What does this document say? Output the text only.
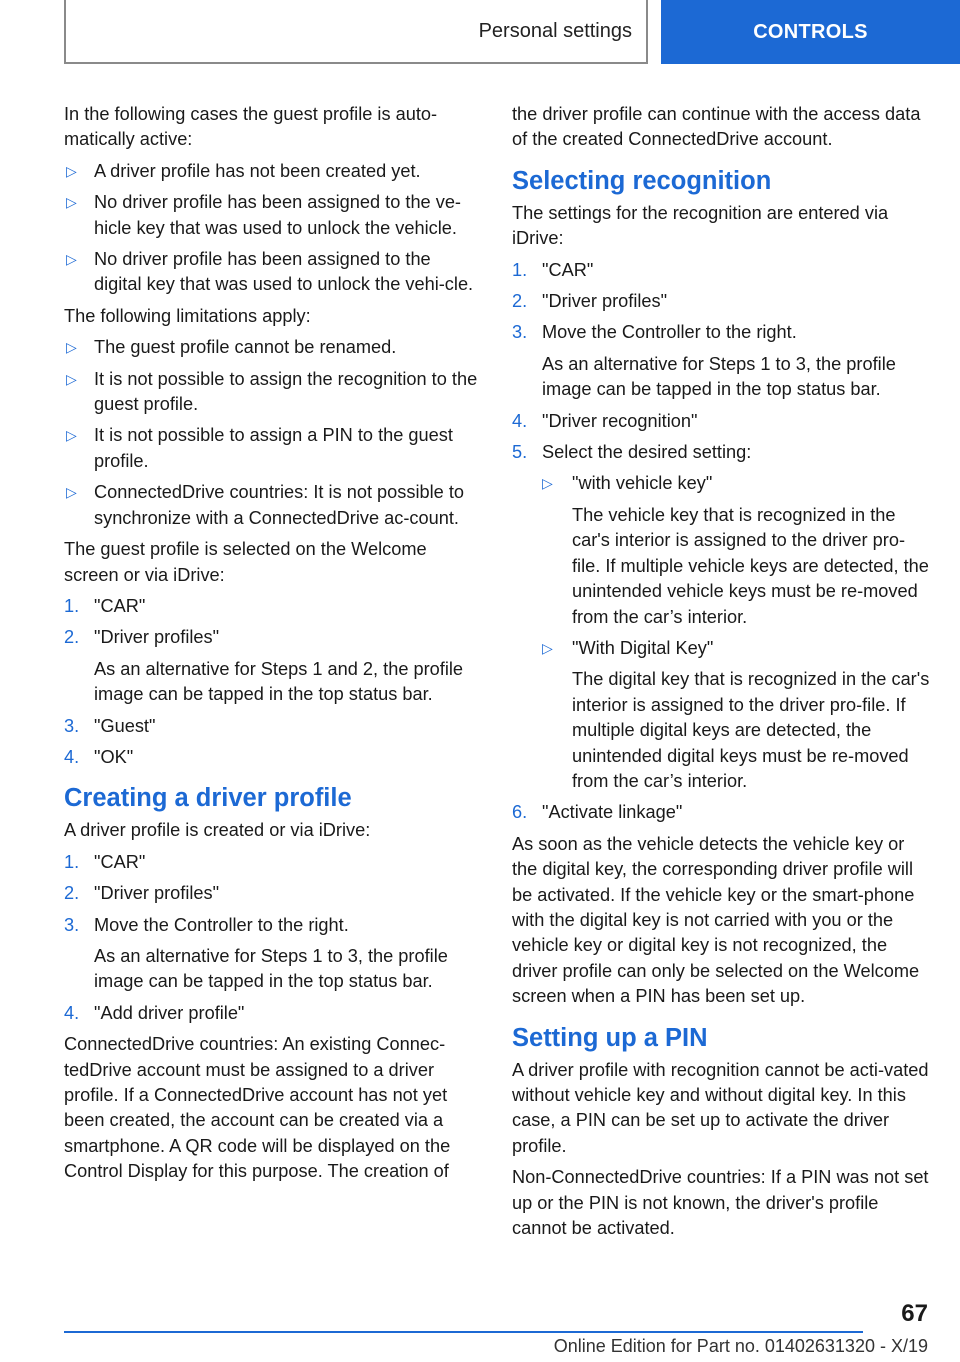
Personal settings	CONTROLS

In the following cases the guest profile is auto-matically active:

▷ A driver profile has not been created yet.
▷ No driver profile has been assigned to the ve-hicle key that was used to unlock the vehicle.
▷ No driver profile has been assigned to the digital key that was used to unlock the vehi-cle.

The following limitations apply:

▷ The guest profile cannot be renamed.
▷ It is not possible to assign the recognition to the guest profile.
▷ It is not possible to assign a PIN to the guest profile.
▷ ConnectedDrive countries: It is not possible to synchronize with a ConnectedDrive ac-count.

The guest profile is selected on the Welcome screen or via iDrive:

1. "CAR"
2. "Driver profiles"
As an alternative for Steps 1 and 2, the profile image can be tapped in the top status bar.
3. "Guest"
4. "OK"
Creating a driver profile

A driver profile is created or via iDrive:

1. "CAR"
2. "Driver profiles"
3. Move the Controller to the right.
As an alternative for Steps 1 to 3, the profile image can be tapped in the top status bar.
4. "Add driver profile"

ConnectedDrive countries: An existing Connec-tedDrive account must be assigned to a driver profile. If a ConnectedDrive account has not yet been created, the account can be created via a smartphone. A QR code will be displayed on the Control Display for this purpose. The creation of

the driver profile can continue with the access data of the created ConnectedDrive account.

Selecting recognition

The settings for the recognition are entered via iDrive:

1. "CAR"
2. "Driver profiles"
3. Move the Controller to the right.
As an alternative for Steps 1 to 3, the profile image can be tapped in the top status bar.
4. "Driver recognition"
5. Select the desired setting:
▷ "with vehicle key"
The vehicle key that is recognized in the car's interior is assigned to the driver pro-file. If multiple vehicle keys are detected, the unintended vehicle keys must be re-moved from the car’s interior.
▷ "With Digital Key"
The digital key that is recognized in the car's interior is assigned to the driver pro-file. If multiple digital keys are detected, the unintended digital keys must be re-moved from the car’s interior.
6. "Activate linkage"

As soon as the vehicle detects the vehicle key or the digital key, the corresponding driver profile will be activated. If the vehicle key or the smart-phone with the digital key is not carried with you or the vehicle key or digital key is not recognized, the driver profile can only be selected on the Welcome screen when a PIN has been set up.

Setting up a PIN

A driver profile with recognition cannot be acti-vated without vehicle key and without digital key. In this case, a PIN can be set up to activate the driver profile.

Non-ConnectedDrive countries: If a PIN was not set up or the PIN is not known, the driver's profile cannot be activated.

67
Online Edition for Part no. 01402631320 - X/19
